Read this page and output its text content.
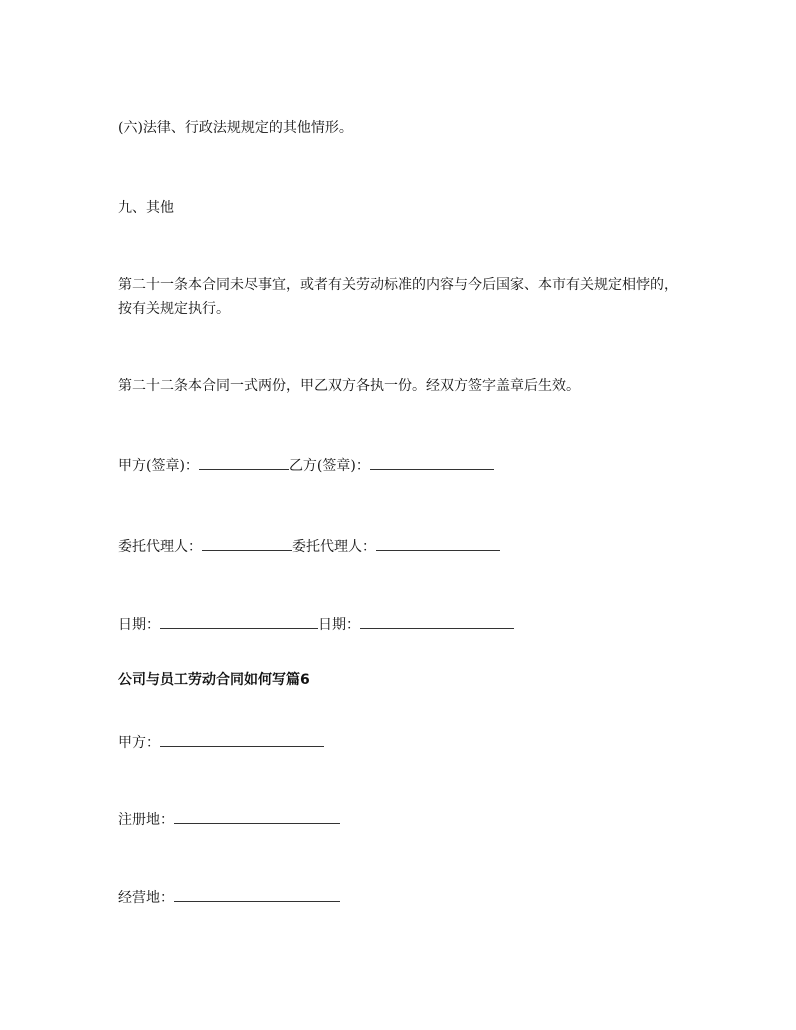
(六)法律、行政法规规定的其他情形。
九、其他
第二十一条本合同未尽事宜，或者有关劳动标准的内容与今后国家、本市有关规定相悖的，按有关规定执行。
第二十二条本合同一式两份，甲乙双方各执一份。经双方签字盖章后生效。
甲方(签章)：	乙方(签章)：
委托代理人：	委托代理人：
日期：	日期：
公司与员工劳动合同如何写篇6
甲方：
注册地：
经营地：
